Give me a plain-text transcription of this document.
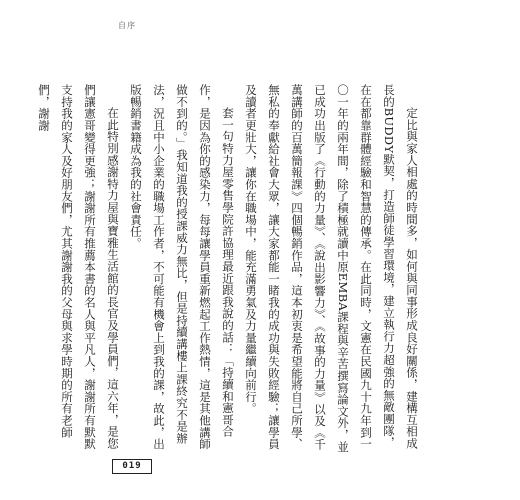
自序

定比與家人相處的時間多，如何與同事形成良好關係，建構互相成長的BUDDY默契，打造師徒學習環境，建立執行力超強的無敵團隊，在在都靠群體經驗和智慧的傳承。在此同時，文憲在民國九十九年到一〇一年的兩年間，除了積極就讀中原EMBA課程與辛苦撰寫論文外，並已成功出版了《行動的力量》、《說出影響力》、《故事的力量》以及《千萬講師的百萬簡報課》四個暢銷作品，這本初衷是希望能將自己所學、無私的奉獻給社會大眾，讓大家都能一睹我的成功與失敗經驗；讓學員及讀者更壯大，讓你在職場中，能充滿勇氣及力量繼續向前行。

套一句特力屋零售學院許協理最近跟我說的話：「持續和憲哥合作，是因為你的感染力，每每讓學員重新燃起工作熱情，這是其他講師做不到的。」我知道我的授課威力無比，但是持續講樓上課終究不是辦法，況且中小企業的職場工作者，不可能有機會上到我的課，故此，出版暢銷書籍成為我的社會責任。

在此特別感謝特力屋與寶雅生活館的長官及學員們，這六年，是您們讓憲哥變得更強；謝謝所有推薦本書的名人與平凡人，謝謝所有默默支持我的家人及好朋友們，尤其謝謝我的父母與求學時期的所有老師們，謝謝

019
